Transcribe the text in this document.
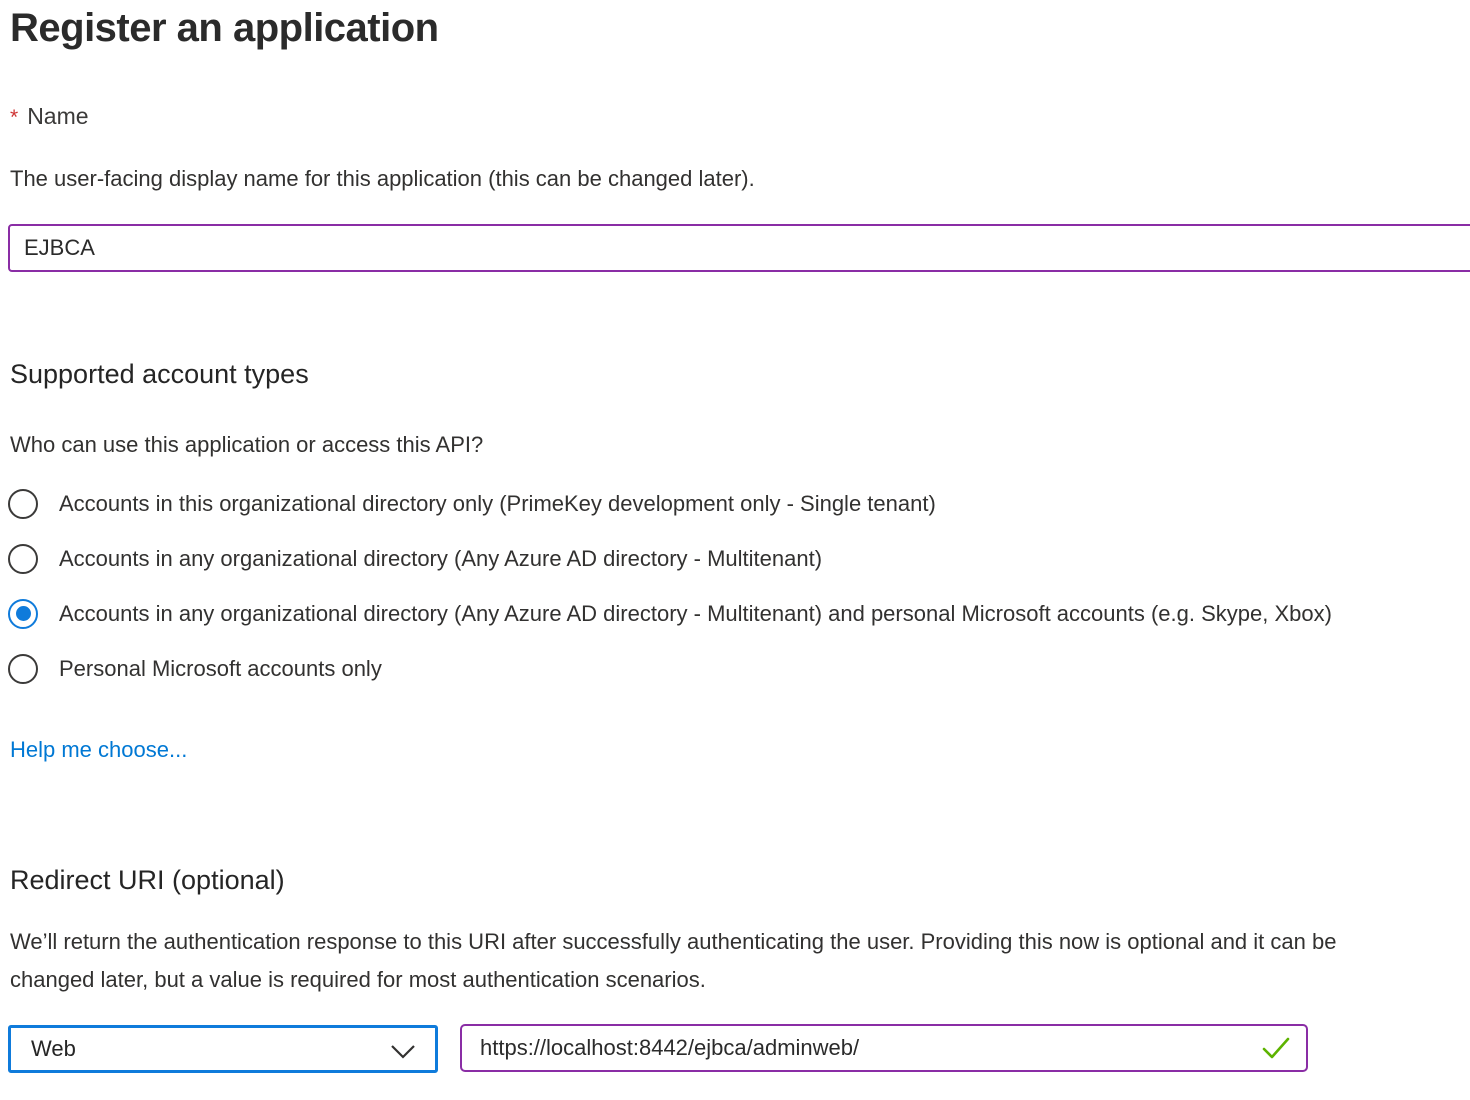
Register an application
* Name

The user-facing display name for this application (this can be changed later).

EJBCA
Supported account types

Who can use this application or access this API?

Accounts in this organizational directory only (PrimeKey development only - Single tenant)
Accounts in any organizational directory (Any Azure AD directory - Multitenant)
Accounts in any organizational directory (Any Azure AD directory - Multitenant) and personal Microsoft accounts (e.g. Skype, Xbox)
Personal Microsoft accounts only
Help me choose...
Redirect URI (optional)
We’ll return the authentication response to this URI after successfully authenticating the user. Providing this now is optional and it can be
changed later, but a value is required for most authentication scenarios.
Web
https://localhost:8442/ejbca/adminweb/
